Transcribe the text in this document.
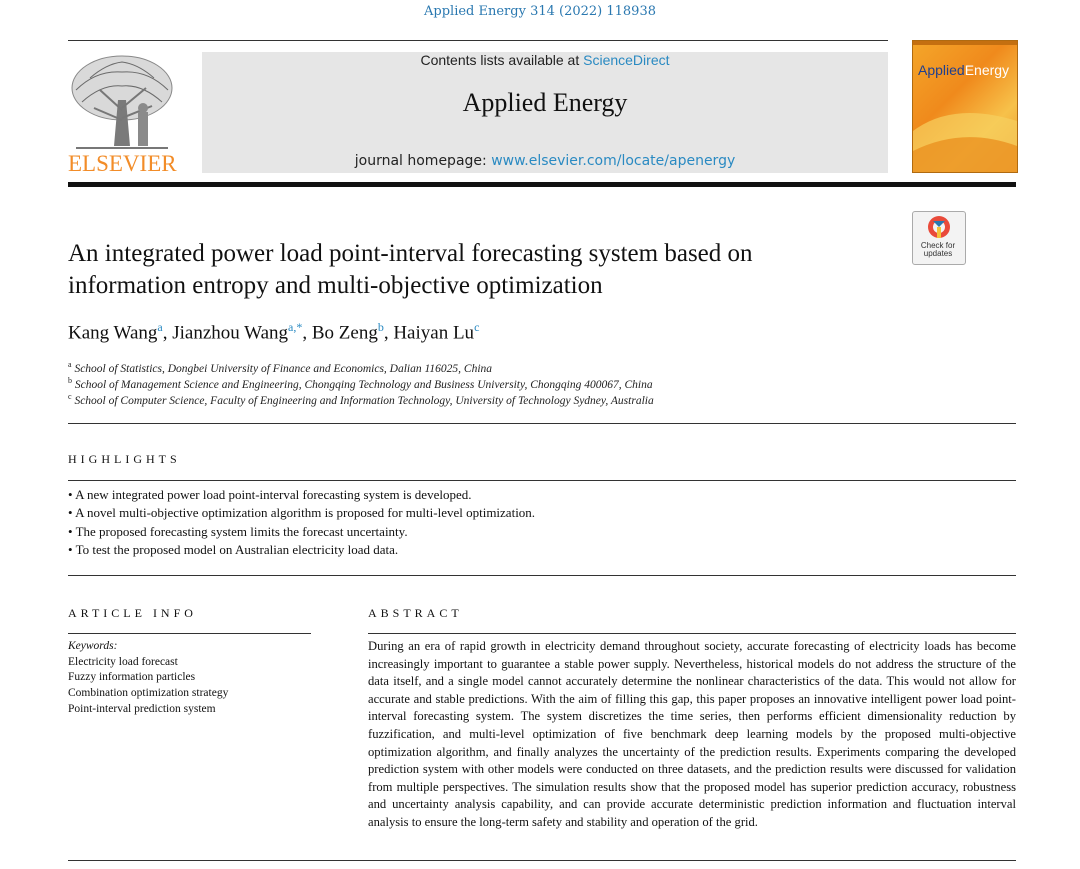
Applied Energy 314 (2022) 118938
ELSEVIER
Contents lists available at ScienceDirect
Applied Energy
journal homepage: www.elsevier.com/locate/apenergy
AppliedEnergy
Check for
updates
An integrated power load point-interval forecasting system based on
information entropy and multi-objective optimization
Kang Wang$^a$, Jianzhou Wang$^{a,*}$, Bo Zeng$^b$, Haiyan Lu$^c$
$^a$ School of Statistics, Dongbei University of Finance and Economics, Dalian 116025, China
$^b$ School of Management Science and Engineering, Chongqing Technology and Business University, Chongqing 400067, China
$^c$ School of Computer Science, Faculty of Engineering and Information Technology, University of Technology Sydney, Australia
HIGHLIGHTS
• A new integrated power load point-interval forecasting system is developed.
• A novel multi-objective optimization algorithm is proposed for multi-level optimization.
• The proposed forecasting system limits the forecast uncertainty.
• To test the proposed model on Australian electricity load data.
ARTICLE INFO
Keywords:
Electricity load forecast
Fuzzy information particles
Combination optimization strategy
Point-interval prediction system
ABSTRACT
During an era of rapid growth in electricity demand throughout society, accurate forecasting of electricity loads has become increasingly important to guarantee a stable power supply. Nevertheless, historical models do not address the structure of the data itself, and a single model cannot accurately determine the nonlinear characteristics of the data. This would not allow for accurate and stable predictions. With the aim of filling this gap, this paper proposes an innovative intelligent power load point-interval forecasting system. The system discretizes the time series, then performs efficient dimensionality reduction by fuzzification, and multi-level optimization of five benchmark deep learning models by the proposed multi-objective optimization algorithm, and finally analyzes the uncertainty of the prediction results. Experiments comparing the developed prediction system with other models were conducted on three datasets, and the prediction results were discussed for validation from multiple perspectives. The simulation results show that the proposed model has superior prediction accuracy, robustness and uncertainty analysis capability, and can provide accurate deterministic prediction information and fluctuation interval analysis to ensure the long-term safety and stability and operation of the grid.
